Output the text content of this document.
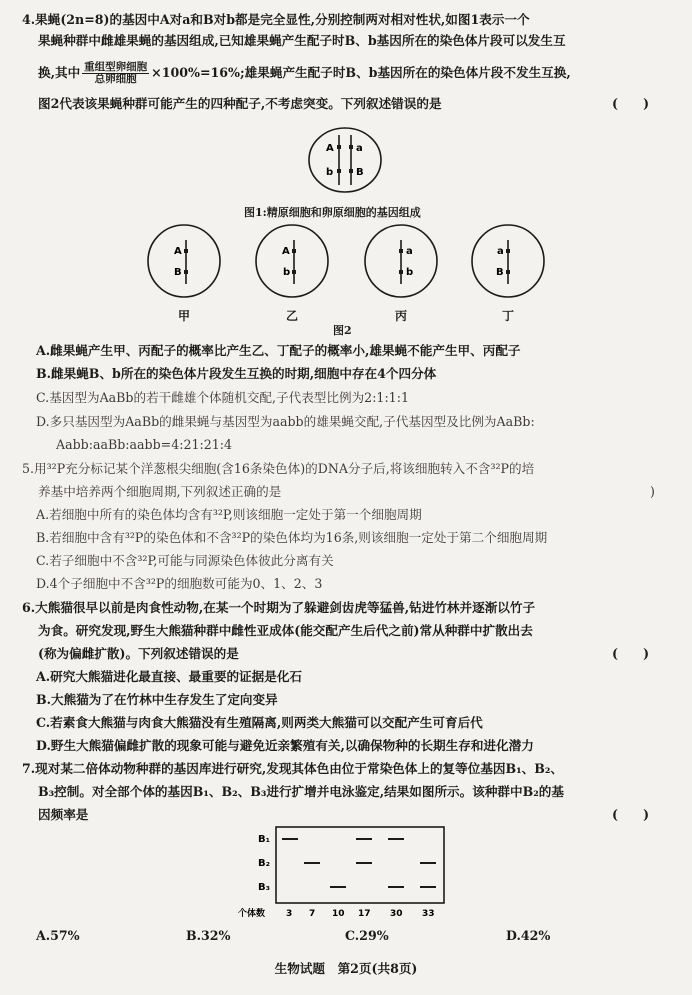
4.果蝇(2n=8)的基因中A对a和B对b都是完全显性,分别控制两对相对性状,如图1表示一个
果蝇种群中雌雄果蝇的基因组成,已知雄果蝇产生配子时B、b基因所在的染色体片段可以发生互
换,其中 $\frac{\text{重组型卵细胞}}{\text{总卵细胞}} \times 100\%=16\%$;雄果蝇产生配子时B、b基因所在的染色体片段不发生互换,
图2代表该果蝇种群可能产生的四种配子,不考虑突变。下列叙述错误的是	(　　)
A a
b B
图1:精原细胞和卵原细胞的基因组成
A
B
A
b
a
b
a
B
甲	乙	丙	丁
图2
A.雌果蝇产生甲、丙配子的概率比产生乙、丁配子的概率小,雄果蝇不能产生甲、丙配子
B.雌果蝇B、b所在的染色体片段发生互换的时期,细胞中存在4个四分体
C.基因型为AaBb的若干雌雄个体随机交配,子代表型比例为2:1:1:1
D.多只基因型为AaBb的雌果蝇与基因型为aabb的雄果蝇交配,子代基因型及比例为AaBb:
Aabb:aaBb:aabb=4:21:21:4
5.用³²P充分标记某个洋葱根尖细胞(含16条染色体)的DNA分子后,将该细胞转入不含³²P的培
养基中培养两个细胞周期,下列叙述正确的是	)
A.若细胞中所有的染色体均含有³²P,则该细胞一定处于第一个细胞周期
B.若细胞中含有³²P的染色体和不含³²P的染色体均为16条,则该细胞一定处于第二个细胞周期
C.若子细胞中不含³²P,可能与同源染色体彼此分离有关
D.4个子细胞中不含³²P的细胞数可能为0、1、2、3
6.大熊猫很早以前是肉食性动物,在某一个时期为了躲避剑齿虎等猛兽,钻进竹林并逐渐以竹子
为食。研究发现,野生大熊猫种群中雌性亚成体(能交配产生后代之前)常从种群中扩散出去
(称为偏雌扩散)。下列叙述错误的是	(　　)
A.研究大熊猫进化最直接、最重要的证据是化石
B.大熊猫为了在竹林中生存发生了定向变异
C.若素食大熊猫与肉食大熊猫没有生殖隔离,则两类大熊猫可以交配产生可育后代
D.野生大熊猫偏雌扩散的现象可能与避免近亲繁殖有关,以确保物种的长期生存和进化潜力
7.现对某二倍体动物种群的基因库进行研究,发现其体色由位于常染色体上的复等位基因B₁、B₂、
B₃控制。对全部个体的基因B₁、B₂、B₃进行扩增并电泳鉴定,结果如图所示。该种群中B₂的基
因频率是	(　　)
B₁
B₂
B₃
个体数 3 7 10 17 30 33
A.57%	B.32%	C.29%	D.42%
生物试题　第2页(共8页)
